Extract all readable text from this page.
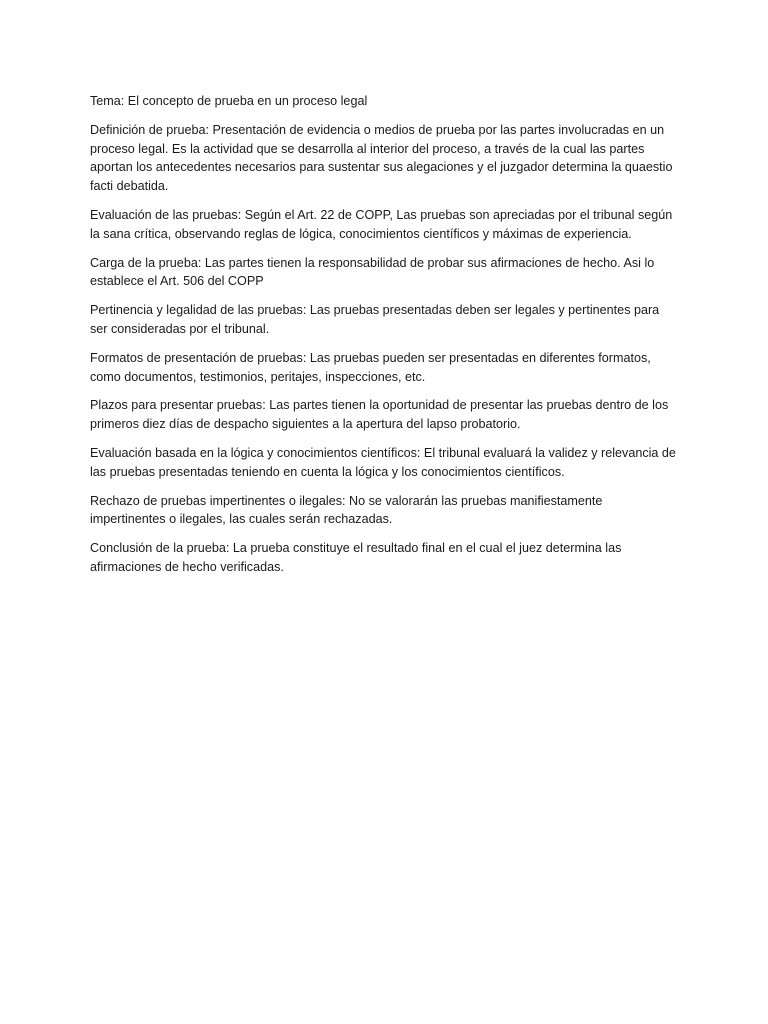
Tema: El concepto de prueba en un proceso legal

Definición de prueba: Presentación de evidencia o medios de prueba por las partes involucradas en un proceso legal. Es la actividad que se desarrolla al interior del proceso, a través de la cual las partes aportan los antecedentes necesarios para sustentar sus alegaciones y el juzgador determina la quaestio facti debatida.

Evaluación de las pruebas: Según el Art. 22 de COPP, Las pruebas son apreciadas por el tribunal según la sana crítica, observando reglas de lógica, conocimientos científicos y máximas de experiencia.

Carga de la prueba: Las partes tienen la responsabilidad de probar sus afirmaciones de hecho. Asi lo establece el Art. 506 del COPP

Pertinencia y legalidad de las pruebas: Las pruebas presentadas deben ser legales y pertinentes para ser consideradas por el tribunal.

Formatos de presentación de pruebas: Las pruebas pueden ser presentadas en diferentes formatos, como documentos, testimonios, peritajes, inspecciones, etc.

Plazos para presentar pruebas: Las partes tienen la oportunidad de presentar las pruebas dentro de los primeros diez días de despacho siguientes a la apertura del lapso probatorio.

Evaluación basada en la lógica y conocimientos científicos: El tribunal evaluará la validez y relevancia de las pruebas presentadas teniendo en cuenta la lógica y los conocimientos científicos.

Rechazo de pruebas impertinentes o ilegales: No se valorarán las pruebas manifiestamente impertinentes o ilegales, las cuales serán rechazadas.

Conclusión de la prueba: La prueba constituye el resultado final en el cual el juez determina las afirmaciones de hecho verificadas.
